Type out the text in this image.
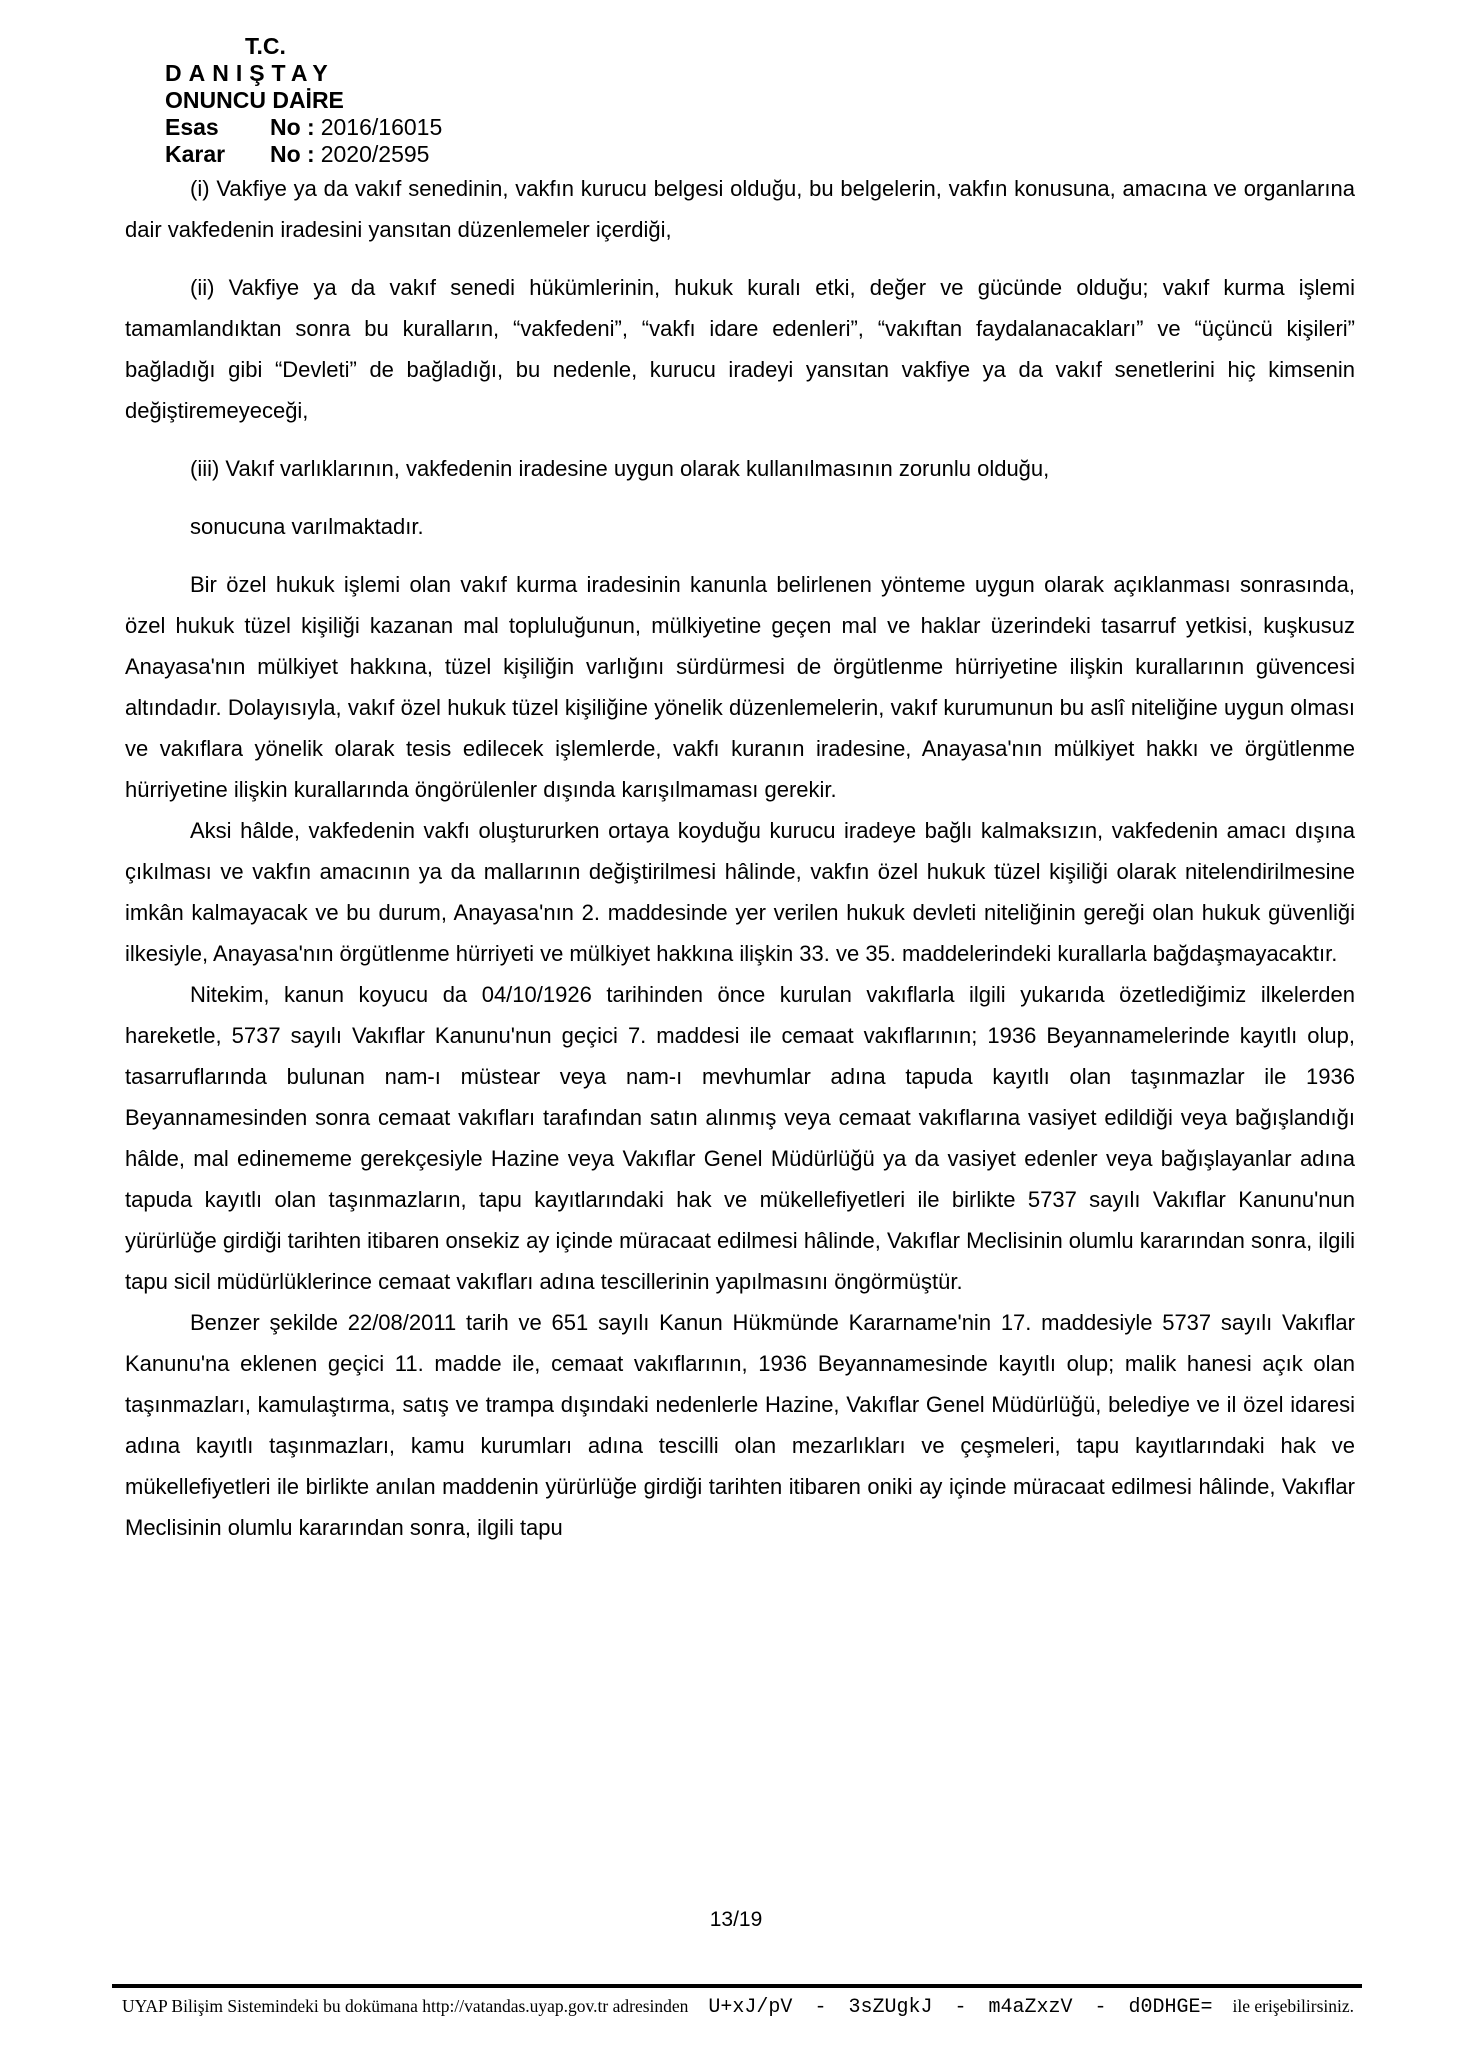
T.C.
DANIŞTAY
ONUNCU DAİRE
Esas No : 2016/16015
Karar No : 2020/2595

(i) Vakfiye ya da vakıf senedinin, vakfın kurucu belgesi olduğu, bu belgelerin, vakfın konusuna, amacına ve organlarına dair vakfedenin iradesini yansıtan düzenlemeler içerdiği,

(ii) Vakfiye ya da vakıf senedi hükümlerinin, hukuk kuralı etki, değer ve gücünde olduğu; vakıf kurma işlemi tamamlandıktan sonra bu kuralların, “vakfedeni”, “vakfı idare edenleri”, “vakıftan faydalanacakları” ve “üçüncü kişileri” bağladığı gibi “Devleti” de bağladığı, bu nedenle, kurucu iradeyi yansıtan vakfiye ya da vakıf senetlerini hiç kimsenin değiştiremeyeceği,

(iii) Vakıf varlıklarının, vakfedenin iradesine uygun olarak kullanılmasının zorunlu olduğu,

sonucuna varılmaktadır.

Bir özel hukuk işlemi olan vakıf kurma iradesinin kanunla belirlenen yönteme uygun olarak açıklanması sonrasında, özel hukuk tüzel kişiliği kazanan mal topluluğunun, mülkiyetine geçen mal ve haklar üzerindeki tasarruf yetkisi, kuşkusuz Anayasa'nın mülkiyet hakkına, tüzel kişiliğin varlığını sürdürmesi de örgütlenme hürriyetine ilişkin kurallarının güvencesi altındadır. Dolayısıyla, vakıf özel hukuk tüzel kişiliğine yönelik düzenlemelerin, vakıf kurumunun bu aslî niteliğine uygun olması ve vakıflara yönelik olarak tesis edilecek işlemlerde, vakfı kuranın iradesine, Anayasa'nın mülkiyet hakkı ve örgütlenme hürriyetine ilişkin kurallarında öngörülenler dışında karışılmaması gerekir.

Aksi hâlde, vakfedenin vakfı oluştururken ortaya koyduğu kurucu iradeye bağlı kalmaksızın, vakfedenin amacı dışına çıkılması ve vakfın amacının ya da mallarının değiştirilmesi hâlinde, vakfın özel hukuk tüzel kişiliği olarak nitelendirilmesine imkân kalmayacak ve bu durum, Anayasa'nın 2. maddesinde yer verilen hukuk devleti niteliğinin gereği olan hukuk güvenliği ilkesiyle, Anayasa'nın örgütlenme hürriyeti ve mülkiyet hakkına ilişkin 33. ve 35. maddelerindeki kurallarla bağdaşmayacaktır.

Nitekim, kanun koyucu da 04/10/1926 tarihinden önce kurulan vakıflarla ilgili yukarıda özetlediğimiz ilkelerden hareketle, 5737 sayılı Vakıflar Kanunu'nun geçici 7. maddesi ile cemaat vakıflarının; 1936 Beyannamelerinde kayıtlı olup, tasarruflarında bulunan nam-ı müstear veya nam-ı mevhumlar adına tapuda kayıtlı olan taşınmazlar ile 1936 Beyannamesinden sonra cemaat vakıfları tarafından satın alınmış veya cemaat vakıflarına vasiyet edildiği veya bağışlandığı hâlde, mal edinememe gerekçesiyle Hazine veya Vakıflar Genel Müdürlüğü ya da vasiyet edenler veya bağışlayanlar adına tapuda kayıtlı olan taşınmazların, tapu kayıtlarındaki hak ve mükellefiyetleri ile birlikte 5737 sayılı Vakıflar Kanunu'nun yürürlüğe girdiği tarihten itibaren onsekiz ay içinde müracaat edilmesi hâlinde, Vakıflar Meclisinin olumlu kararından sonra, ilgili tapu sicil müdürlüklerince cemaat vakıfları adına tescillerinin yapılmasını öngörmüştür.

Benzer şekilde 22/08/2011 tarih ve 651 sayılı Kanun Hükmünde Kararname'nin 17. maddesiyle 5737 sayılı Vakıflar Kanunu'na eklenen geçici 11. madde ile, cemaat vakıflarının, 1936 Beyannamesinde kayıtlı olup; malik hanesi açık olan taşınmazları, kamulaştırma, satış ve trampa dışındaki nedenlerle Hazine, Vakıflar Genel Müdürlüğü, belediye ve il özel idaresi adına kayıtlı taşınmazları, kamu kurumları adına tescilli olan mezarlıkları ve çeşmeleri, tapu kayıtlarındaki hak ve mükellefiyetleri ile birlikte anılan maddenin yürürlüğe girdiği tarihten itibaren oniki ay içinde müracaat edilmesi hâlinde, Vakıflar Meclisinin olumlu kararından sonra, ilgili tapu

13/19
UYAP Bilişim Sistemindeki bu dokümana http://vatandas.uyap.gov.tr adresinden U+xJ/pV - 3sZUgkJ - m4aZxzV - d0DHGE= ile erişebilirsiniz.
